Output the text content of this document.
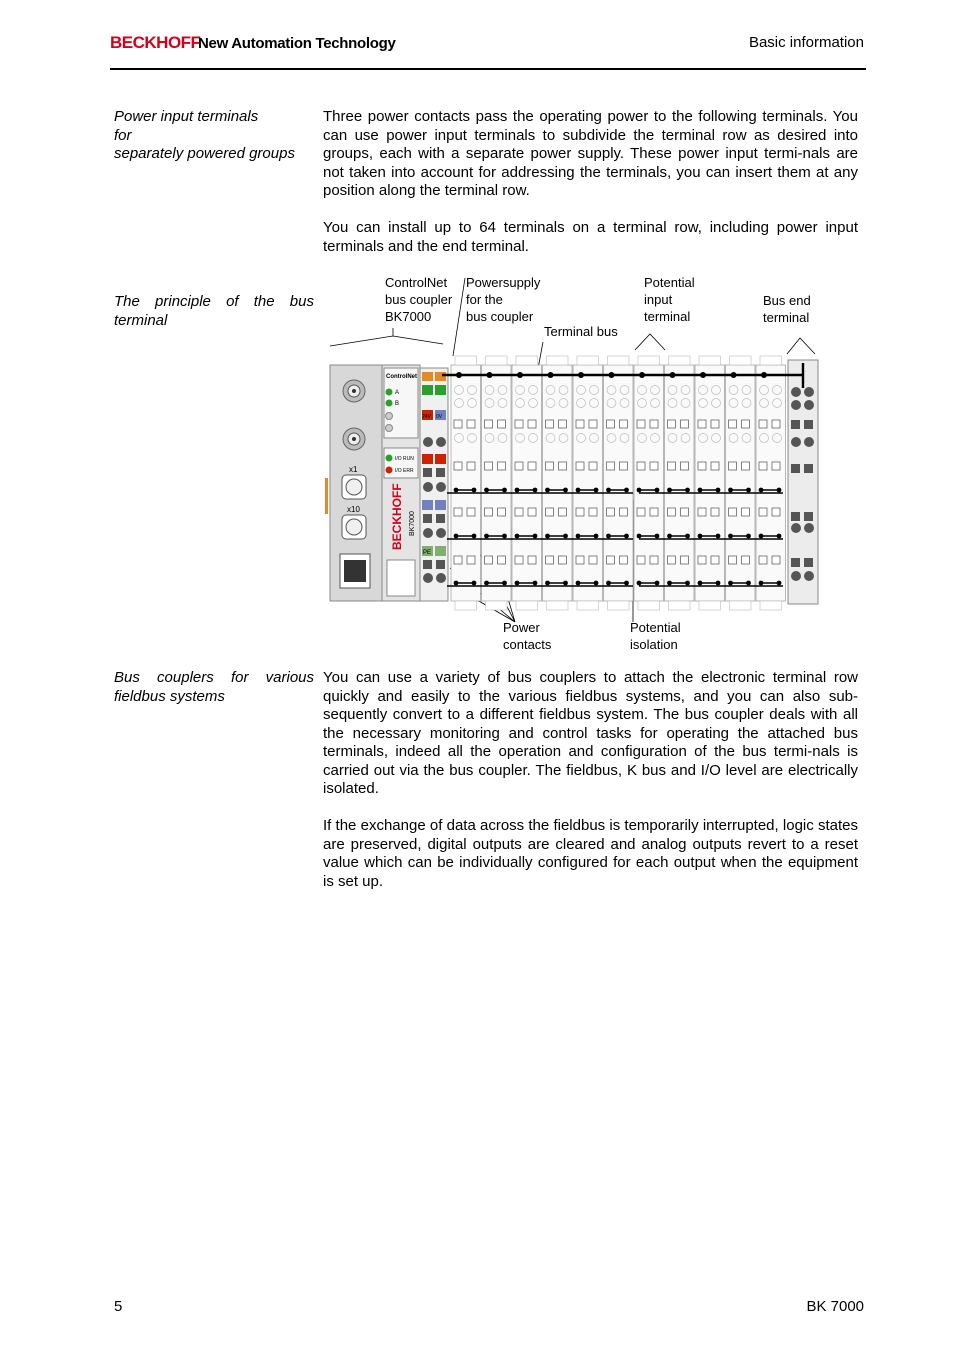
BECKHOFF
New Automation Technology	Basic information
Power input terminals
for
separately powered groups

Three power contacts pass the operating power to the following terminals. You can use power input terminals to subdivide the terminal row as desired into groups, each with a separate power supply. These power input termi-nals are not taken into account for addressing the terminals, you can insert them at any position along the terminal row.

You can install up to 64 terminals on a terminal row, including power input terminals and the end terminal.

The principle of the bus
terminal
ControlNet bus coupler BK7000
Powersupply for the bus coupler
Terminal bus
Potential input terminal
Bus end terminal
Power contacts
Potential isolation
x1
x10
ControlNet
A
B
I/O RUN
I/O ERR
BECKHOFF BK7000
24V 0V
PE
Bus couplers for various
fieldbus systems

You can use a variety of bus couplers to attach the electronic terminal row quickly and easily to the various fieldbus systems, and you can also sub-sequently convert to a different fieldbus system. The bus coupler deals with all the necessary monitoring and control tasks for operating the attached bus terminals, indeed all the operation and configuration of the bus termi-nals is carried out via the bus coupler. The fieldbus, K bus and I/O level are electrically isolated.

If the exchange of data across the fieldbus is temporarily interrupted, logic states are preserved, digital outputs are cleared and analog outputs revert to a reset value which can be individually configured for each output when the equipment is set up.

5	BK 7000
